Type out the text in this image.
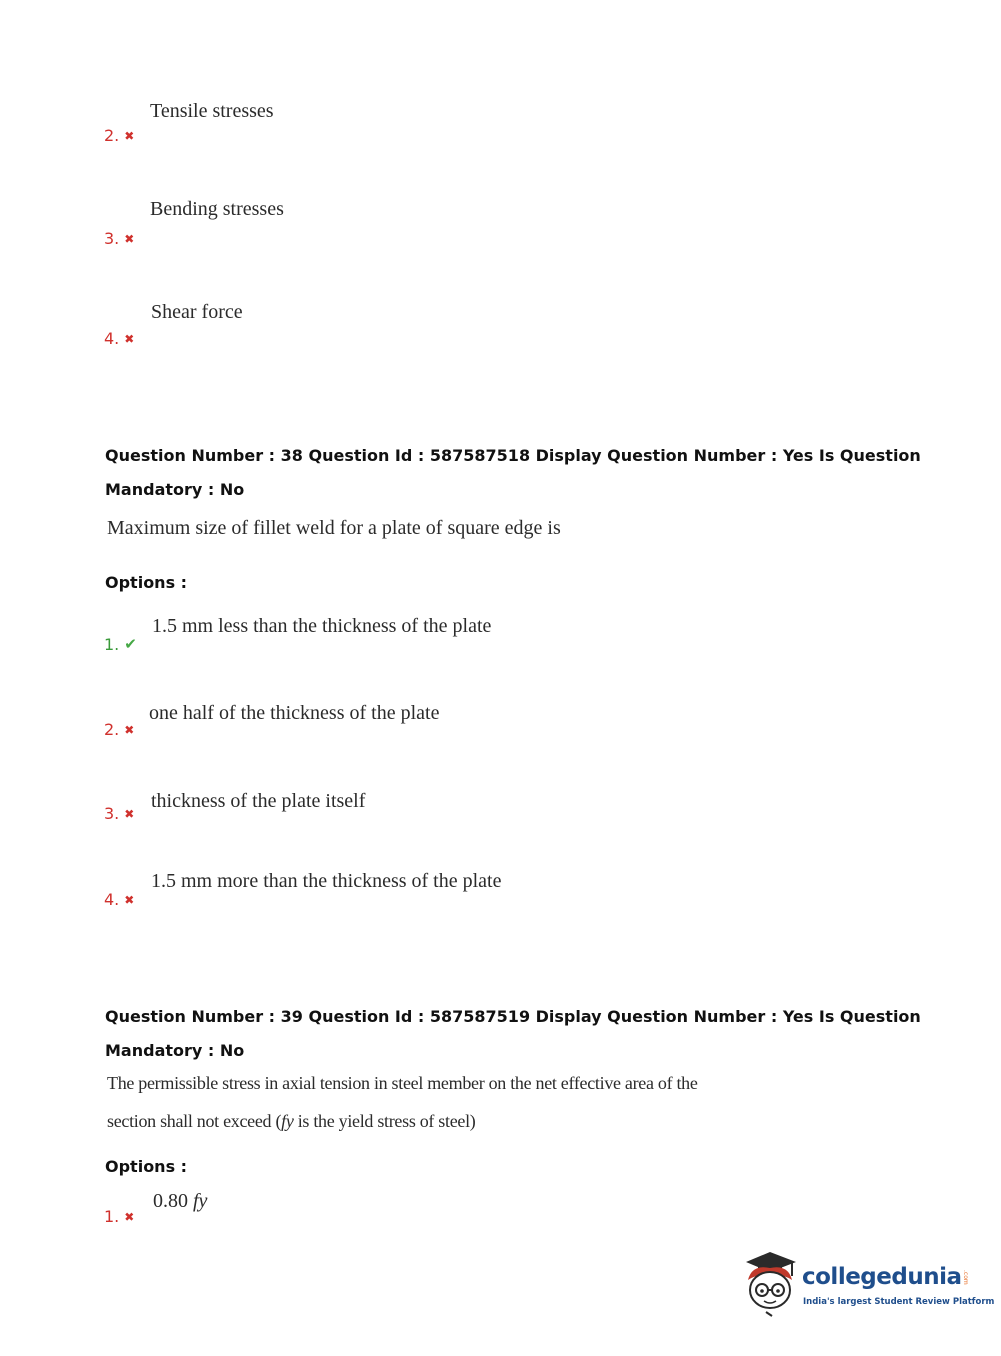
Tensile stresses
2. ✖
Bending stresses
3. ✖
Shear force
4. ✖
Question Number : 38 Question Id : 587587518 Display Question Number : Yes Is Question
Mandatory : No
Maximum size of fillet weld for a plate of square edge is
Options :
1.5 mm less than the thickness of the plate
1. ✔
one half of the thickness of the plate
2. ✖
thickness of the plate itself
3. ✖
1.5 mm more than the thickness of the plate
4. ✖
Question Number : 39 Question Id : 587587519 Display Question Number : Yes Is Question
Mandatory : No
The permissible stress in axial tension in steel member on the net effective area of the
section shall not exceed (fy is the yield stress of steel)
Options :
0.80 fy
1. ✖
collegedunia
India's largest Student Review Platform
.com
